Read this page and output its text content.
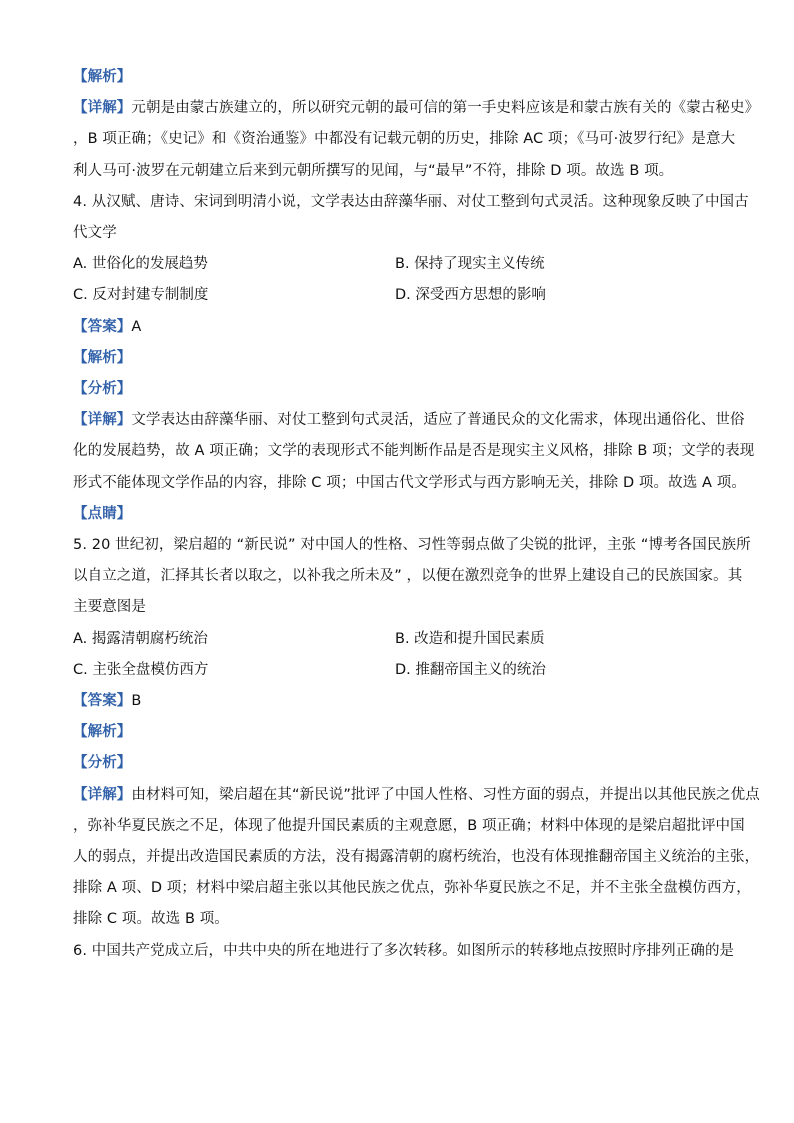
【解析】
【详解】元朝是由蒙古族建立的，所以研究元朝的最可信的第一手史料应该是和蒙古族有关的《蒙古秘史》
，B 项正确；《史记》和《资治通鉴》中都没有记载元朝的历史，排除 AC 项；《马可·波罗行纪》是意大
利人马可·波罗在元朝建立后来到元朝所撰写的见闻，与“最早”不符，排除 D 项。故选 B 项。
4. 从汉赋、唐诗、宋词到明清小说，文学表达由辞藻华丽、对仗工整到句式灵活。这种现象反映了中国古
代文学
A. 世俗化的发展趋势	B. 保持了现实主义传统
C. 反对封建专制制度	D. 深受西方思想的影响
【答案】A
【解析】
【分析】
【详解】文学表达由辞藻华丽、对仗工整到句式灵活，适应了普通民众的文化需求，体现出通俗化、世俗
化的发展趋势，故 A 项正确；文学的表现形式不能判断作品是否是现实主义风格，排除 B 项；文学的表现
形式不能体现文学作品的内容，排除 C 项；中国古代文学形式与西方影响无关，排除 D 项。故选 A 项。
【点睛】
5. 20 世纪初，梁启超的 “新民说” 对中国人的性格、习性等弱点做了尖锐的批评，主张 “博考各国民族所
以自立之道，汇择其长者以取之，以补我之所未及” ，以便在激烈竞争的世界上建设自己的民族国家。其
主要意图是
A. 揭露清朝腐朽统治	B. 改造和提升国民素质
C. 主张全盘模仿西方	D. 推翻帝国主义的统治
【答案】B
【解析】
【分析】
【详解】由材料可知，梁启超在其“新民说”批评了中国人性格、习性方面的弱点，并提出以其他民族之优点
，弥补华夏民族之不足，体现了他提升国民素质的主观意愿，B 项正确；材料中体现的是梁启超批评中国
人的弱点，并提出改造国民素质的方法，没有揭露清朝的腐朽统治，也没有体现推翻帝国主义统治的主张，
排除 A 项、D 项；材料中梁启超主张以其他民族之优点，弥补华夏民族之不足，并不主张全盘模仿西方，
排除 C 项。故选 B 项。
6. 中国共产党成立后，中共中央的所在地进行了多次转移。如图所示的转移地点按照时序排列正确的是
